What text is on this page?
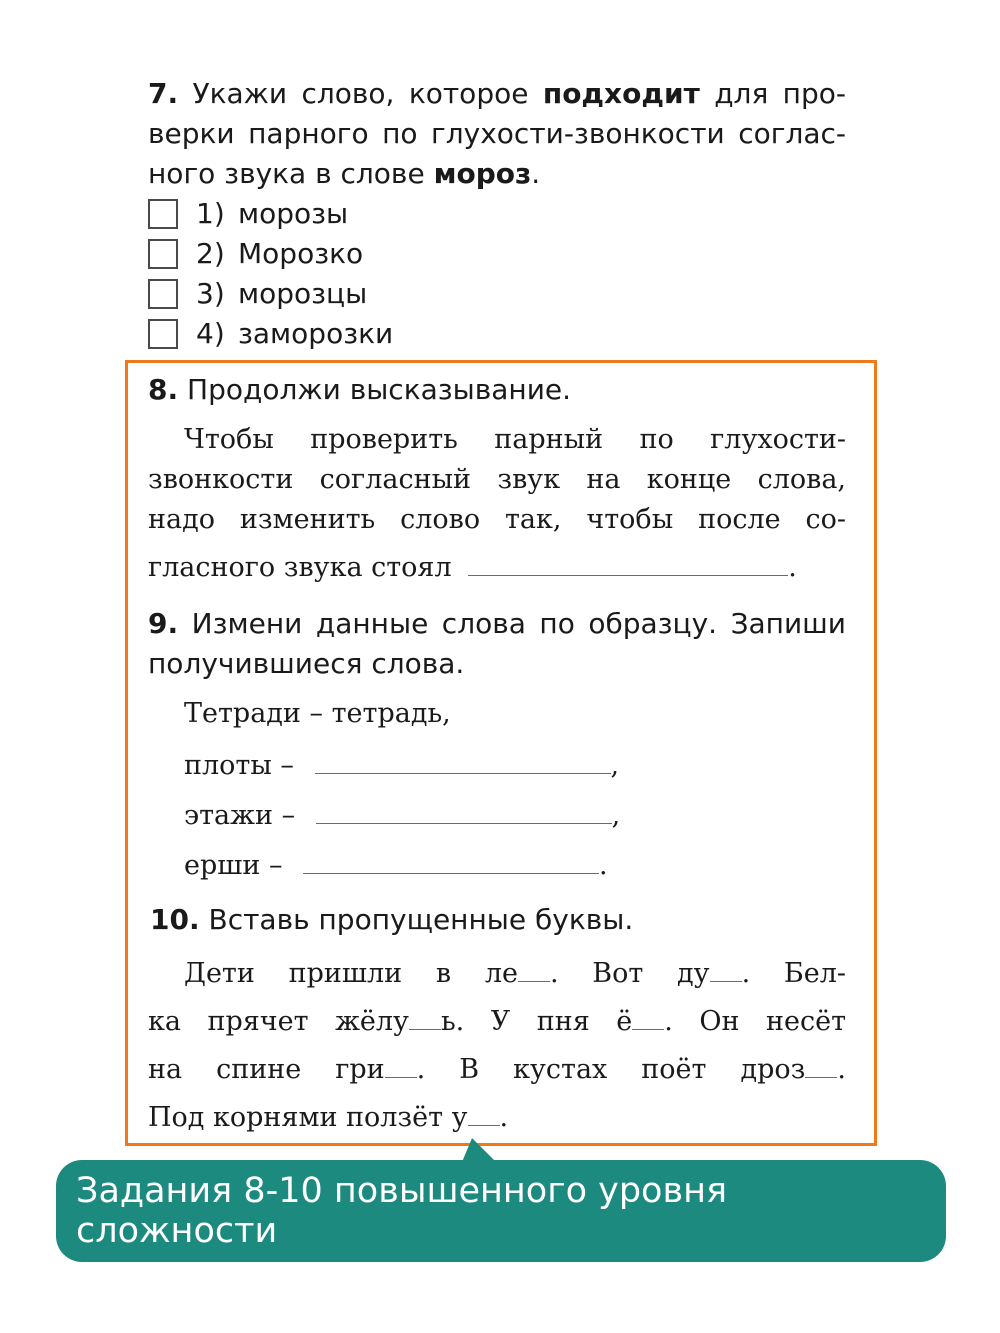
7. Укажи слово, которое подходит для про-
верки парного по глухости-звонкости соглас-
ного звука в слове мороз.
1) морозы
2) Морозко
3) морозцы
4) заморозки
8. Продолжи высказывание.
Чтобы проверить парный по глухости-
звонкости согласный звук на конце слова,
надо изменить слово так, чтобы после со-
гласного звука стоял	.
9. Измени данные слова по образцу. Запиши
получившиеся слова.
Тетради – тетрадь,
плоты –	,
этажи –	,
ерши –	.
10. Вставь пропущенные буквы.
Дети пришли в ле . Вот ду . Бел-
ка прячет жёлу ь. У пня ё . Он несёт
на спине гри . В кустах поёт дроз .
Под корнями ползёт у .
Задания 8-10 повышенного уровня сложности
